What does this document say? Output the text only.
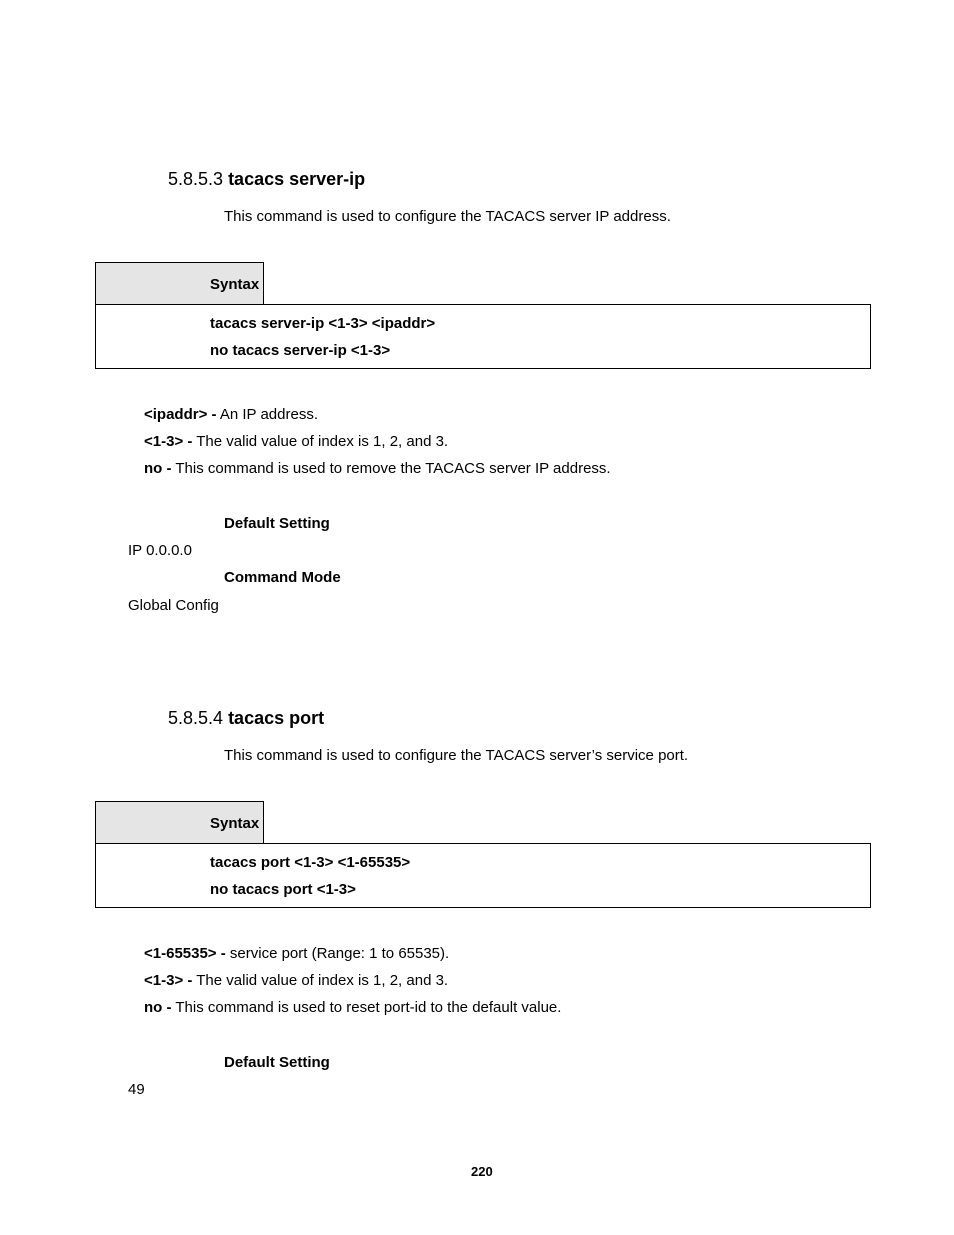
5.8.5.3 tacacs server-ip
This command is used to configure the TACACS server IP address.
Syntax
tacacs server-ip <1-3> <ipaddr>
no tacacs server-ip <1-3>
<ipaddr> - An IP address.
<1-3> - The valid value of index is 1, 2, and 3.
no - This command is used to remove the TACACS server IP address.
Default Setting
IP 0.0.0.0
Command Mode
Global Config
5.8.5.4 tacacs port
This command is used to configure the TACACS server’s service port.
Syntax
tacacs port <1-3> <1-65535>
no tacacs port <1-3>
<1-65535> - service port (Range: 1 to 65535).
<1-3> - The valid value of index is 1, 2, and 3.
no - This command is used to reset port-id to the default value.
Default Setting
49
220
